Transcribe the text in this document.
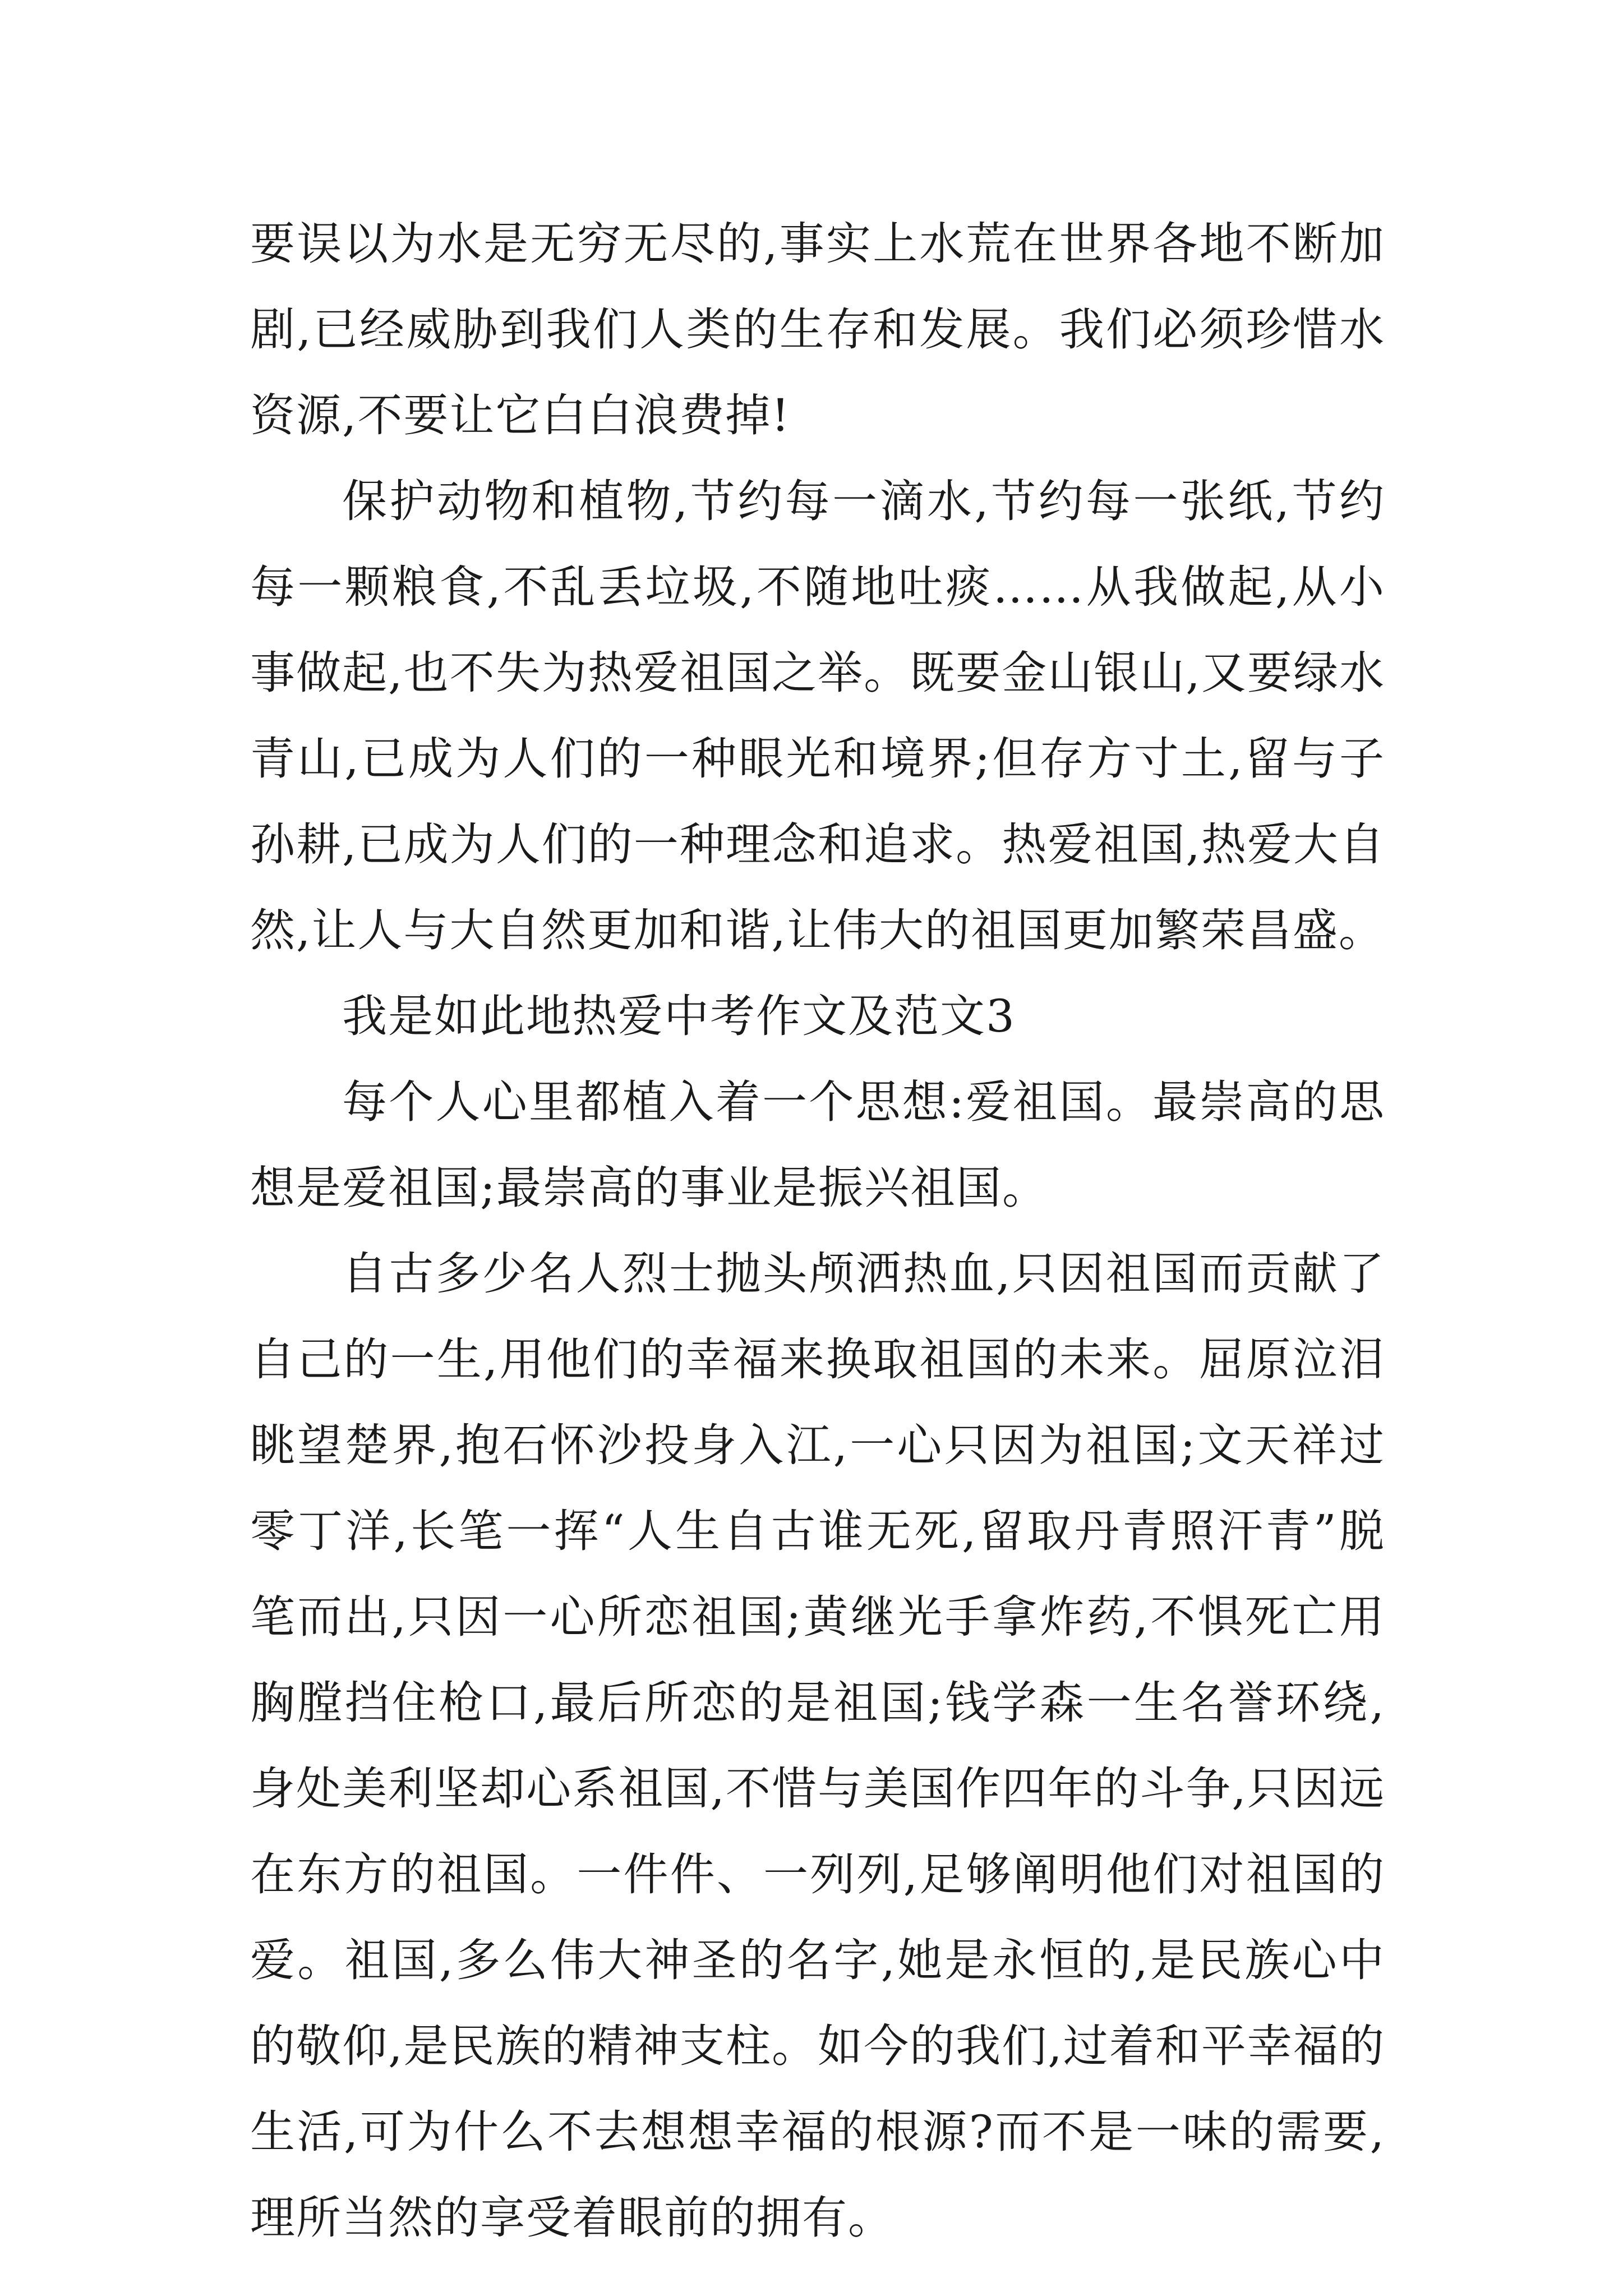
要误以为水是无穷无尽的,事实上水荒在世界各地不断加剧,已经威胁到我们人类的生存和发展。我们必须珍惜水资源,不要让它白白浪费掉!

保护动物和植物,节约每一滴水,节约每一张纸,节约每一颗粮食,不乱丢垃圾,不随地吐痰……从我做起,从小事做起,也不失为热爱祖国之举。既要金山银山,又要绿水青山,已成为人们的一种眼光和境界;但存方寸土,留与子孙耕,已成为人们的一种理念和追求。热爱祖国,热爱大自然,让人与大自然更加和谐,让伟大的祖国更加繁荣昌盛。

我是如此地热爱中考作文及范文3

每个人心里都植入着一个思想:爱祖国。最崇高的思想是爱祖国;最崇高的事业是振兴祖国。

自古多少名人烈士抛头颅洒热血,只因祖国而贡献了自己的一生,用他们的幸福来换取祖国的未来。屈原泣泪眺望楚界,抱石怀沙投身入江,一心只因为祖国;文天祥过零丁洋,长笔一挥“人生自古谁无死,留取丹青照汗青”脱笔而出,只因一心所恋祖国;黄继光手拿炸药,不惧死亡用胸膛挡住枪口,最后所恋的是祖国;钱学森一生名誉环绕,身处美利坚却心系祖国,不惜与美国作四年的斗争,只因远在东方的祖国。一件件、一列列,足够阐明他们对祖国的爱。祖国,多么伟大神圣的名字,她是永恒的,是民族心中的敬仰,是民族的精神支柱。如今的我们,过着和平幸福的生活,可为什么不去想想幸福的根源?而不是一味的需要,理所当然的享受着眼前的拥有。
